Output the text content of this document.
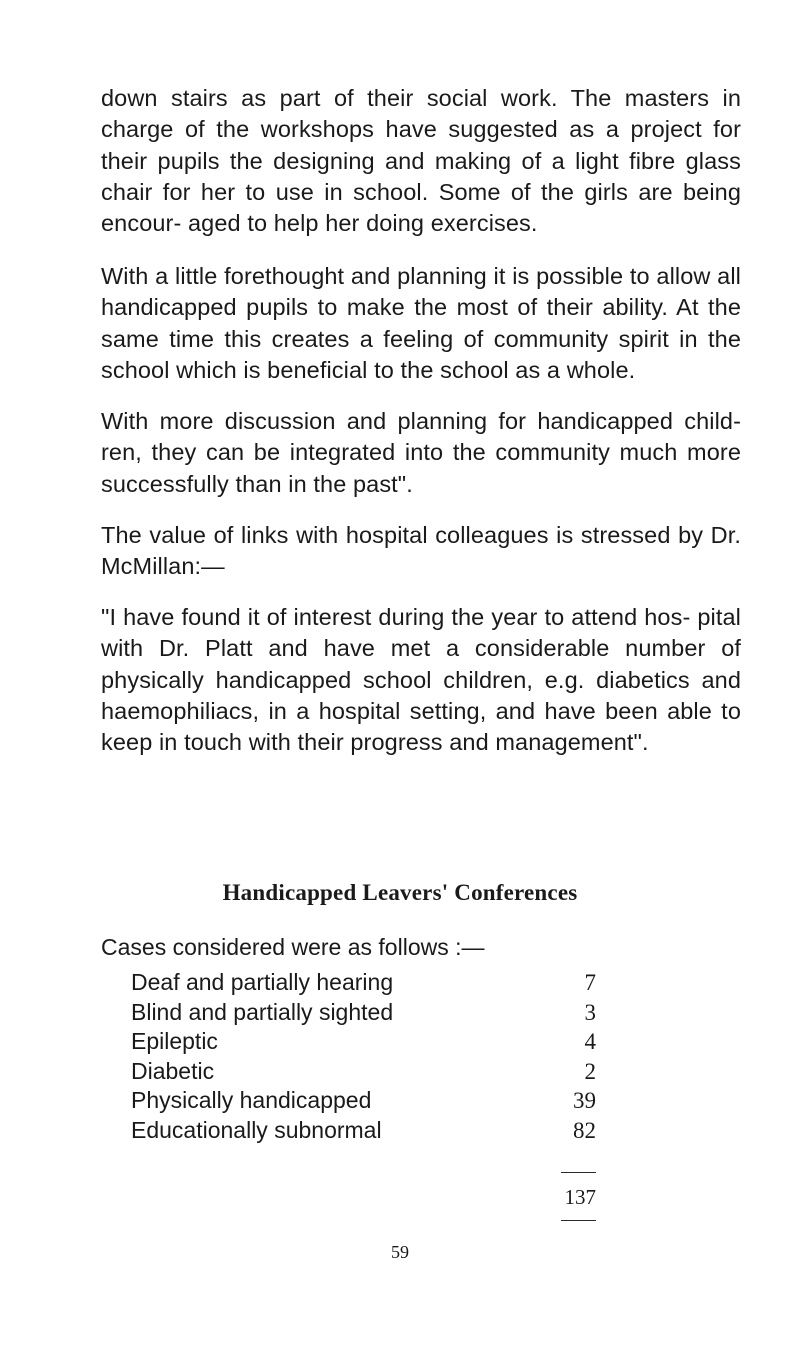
down stairs as part of their social work. The masters in charge of the workshops have suggested as a project for their pupils the designing and making of a light fibre glass chair for her to use in school. Some of the girls are being encour- aged to help her doing exercises.

With a little forethought and planning it is possible to allow all handicapped pupils to make the most of their ability. At the same time this creates a feeling of community spirit in the school which is beneficial to the school as a whole.

With more discussion and planning for handicapped child- ren, they can be integrated into the community much more successfully than in the past".

The value of links with hospital colleagues is stressed by Dr. McMillan:—

"I have found it of interest during the year to attend hos- pital with Dr. Platt and have met a considerable number of physically handicapped school children, e.g. diabetics and haemophiliacs, in a hospital setting, and have been able to keep in touch with their progress and management".

Handicapped Leavers' Conferences

Cases considered were as follows :—

Deaf and partially hearing	7
Blind and partially sighted	3
Epileptic	4
Diabetic	2
Physically handicapped	39
Educationally subnormal	82
137
59
